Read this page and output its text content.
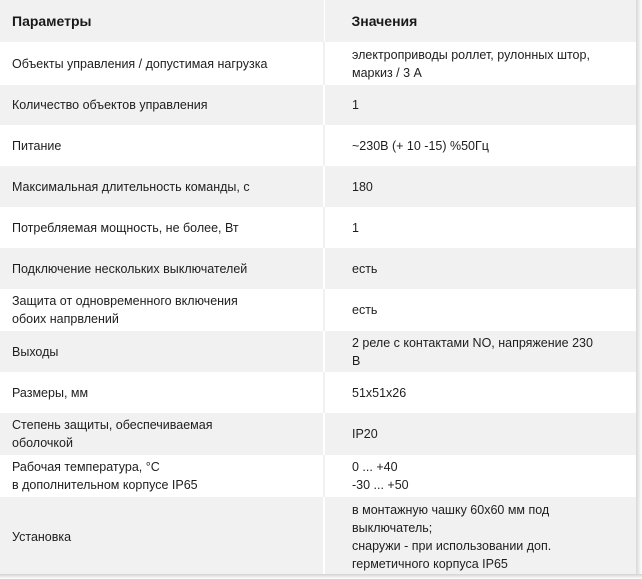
Параметры	Значения
Объекты управления / допустимая нагрузка	электроприводы роллет, рулонных штор,
маркиз / 3 А
Количество объектов управления	1
Питание	~230В (+ 10 -15) %50Гц
Максимальная длительность команды, с	180
Потребляемая мощность, не более, Вт	1
Подключение нескольких выключателей	есть
Защита от одновременного включения
обоих напрвлений	есть
Выходы	2 реле с контактами NO, напряжение 230
В
Размеры, мм	51x51x26
Степень защиты, обеспечиваемая
оболочкой	IP20
Рабочая температура, °С
в дополнительном корпусе IP65	0 ... +40
-30 ... +50
Установка	в монтажную чашку 60x60 мм под
выключатель;
снаружи - при использовании доп.
герметичного корпуса IP65
